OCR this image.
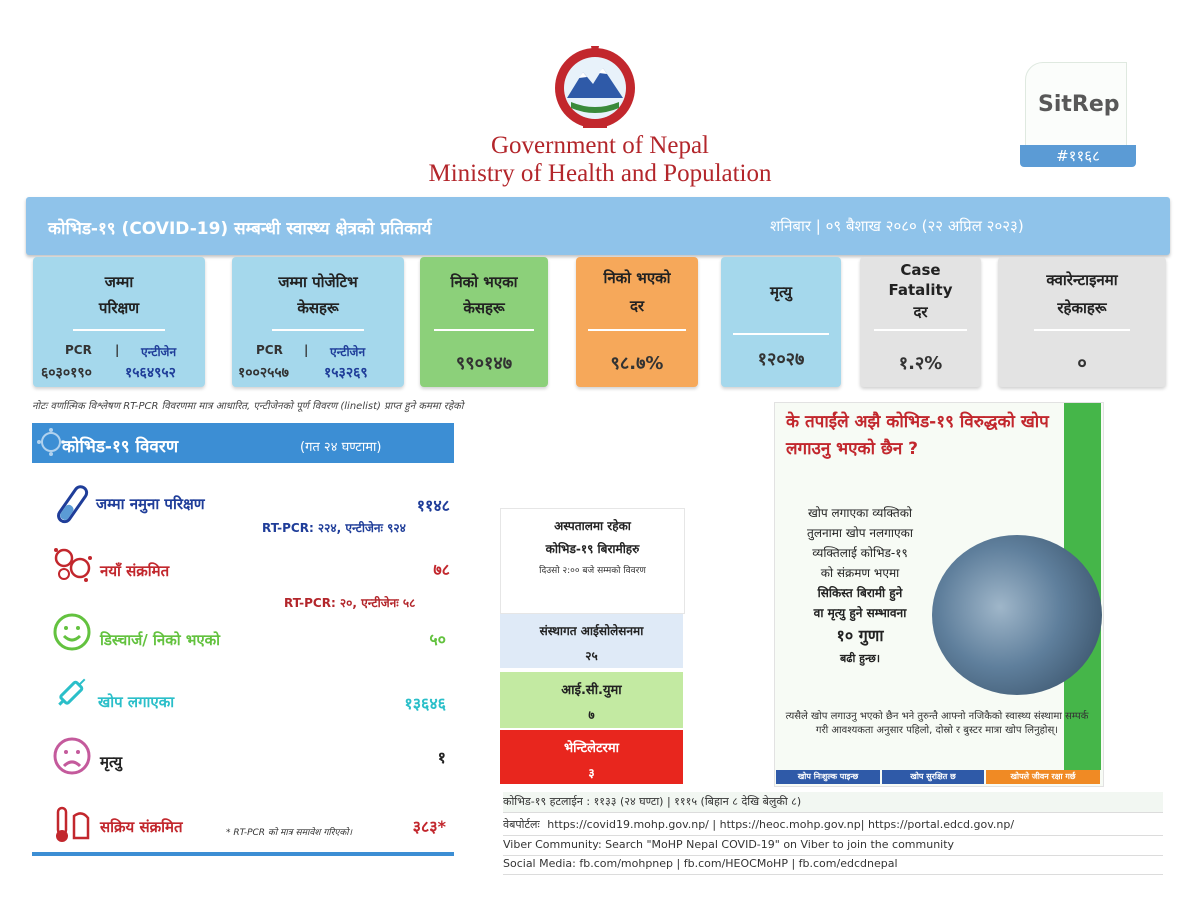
Government of Nepal
Ministry of Health and Population
SitRep
#११६८
कोभिड-१९ (COVID-19) सम्बन्धी स्वास्थ्य क्षेत्रको प्रतिकार्य	शनिबार | ०९ बैशाख २०८० (२२ अप्रिल २०२३)
जम्मा
परिक्षण
PCR | एन्टीजेन
६०३०१९० १५६४९५२
जम्मा पोजेटिभ
केसहरू
PCR | एन्टीजेन
१००२५५७	१५३२६९
निको भएका
केसहरू
९९०१४७
निको भएको
दर
९८.७%
मृत्यु
१२०२७
Case
Fatality
दर
१.२%
क्वारेन्टाइनमा
रहेकाहरू
०
नोटः वर्णात्मिक विश्लेषण RT-PCR विवरणमा मात्र आधारित, एन्टीजेनको पूर्ण विवरण (linelist) प्राप्त हुने कममा रहेको
कोभिड-१९ विवरण	(गत २४ घण्टामा)
जम्मा नमुना परिक्षण	११४८
RT-PCR: २२४, एन्टीजेनः ९२४
नयाँ संक्रमित	७८
RT-PCR: २०, एन्टीजेनः ५८
डिस्चार्ज/ निको भएको	५०
खोप लगाएका	१३६४६
मृत्यु	१
सक्रिय संक्रमित	* RT-PCR को मात्र समावेश गरिएको।	३८३*
अस्पतालमा रहेका
कोभिड-१९ बिरामीहरु
दिउसो २:०० बजे सम्मको विवरण
संस्थागत आईसोलेसनमा
२५
आई.सी.युमा
७
भेन्टिलेटरमा
३
के तपाईंले अझै कोभिड-१९ विरुद्धको खोप लगाउनु भएको छैन ?
खोप लगाएका व्यक्तिको
तुलनामा खोप नलगाएका
व्यक्तिलाई कोभिड-१९
को संक्रमण भएमा
सिकिस्त बिरामी हुने
वा मृत्यु हुने सम्भावना
१० गुणा
बढी हुन्छ।
त्यसैले खोप लगाउनु भएको छैन भने तुरुन्तै आफ्नो नजिकैको स्वास्थ्य संस्थामा सम्पर्क गरी आवश्यकता अनुसार पहिलो, दोस्रो र बुस्टर मात्रा खोप लिनुहोस्।
खोप निःशुल्क पाइन्छ	खोप सुरक्षित छ	खोपले जीवन रक्षा गर्छ
कोभिड-१९ हटलाईन : ११३३ (२४ घण्टा) | १११५ (बिहान ८ देखि बेलुकी ८)
वेबपोर्टलः https://covid19.mohp.gov.np/ | https://heoc.mohp.gov.np| https://portal.edcd.gov.np/
Viber Community: Search "MoHP Nepal COVID-19" on Viber to join the community
Social Media: fb.com/mohpnep | fb.com/HEOCMoHP | fb.com/edcdnepal
